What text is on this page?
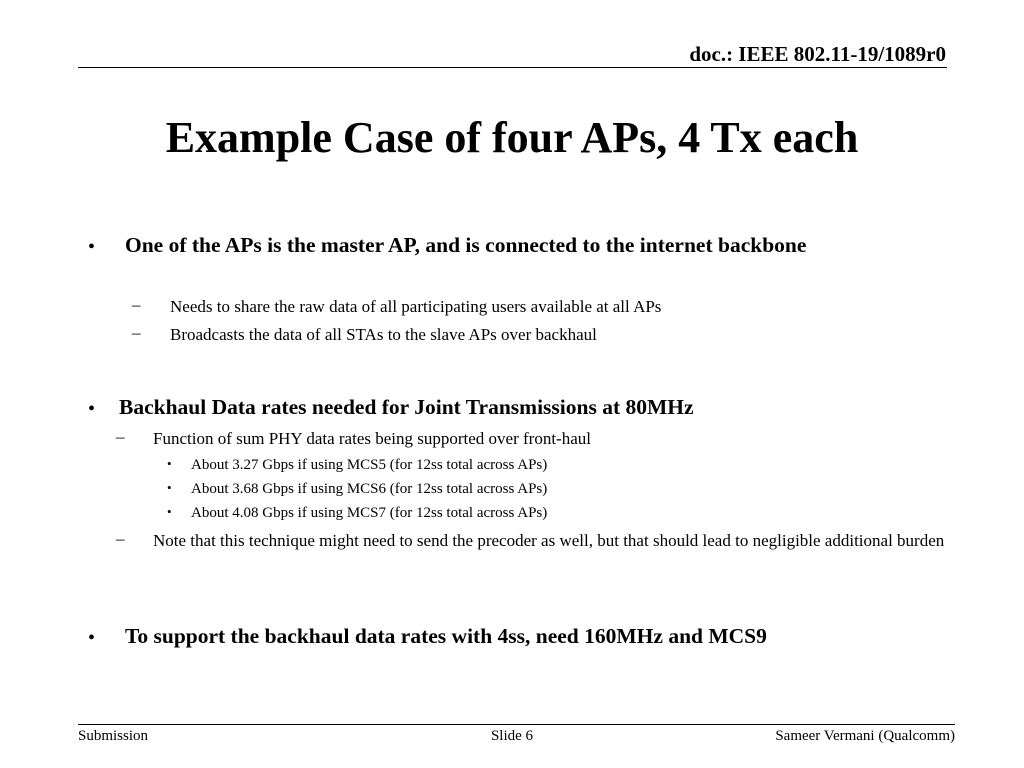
doc.: IEEE 802.11-19/1089r0
Example Case of four APs, 4 Tx each
• One of the APs is the master AP, and is connected to the internet backbone
– Needs to share the raw data of all participating users available at all APs
– Broadcasts the data of all STAs to the slave APs over backhaul
• Backhaul Data rates needed for Joint Transmissions at 80MHz
– Function of sum PHY data rates being supported over front-haul
• About 3.27 Gbps if using MCS5 (for 12ss total across APs)
• About 3.68 Gbps if using MCS6 (for 12ss total across APs)
• About 4.08 Gbps if using MCS7 (for 12ss total across APs)
– Note that this technique might need to send the precoder as well, but that should lead to negligible additional burden
• To support the backhaul data rates with 4ss, need 160MHz and MCS9
Submission	Slide 6	Sameer Vermani (Qualcomm)
